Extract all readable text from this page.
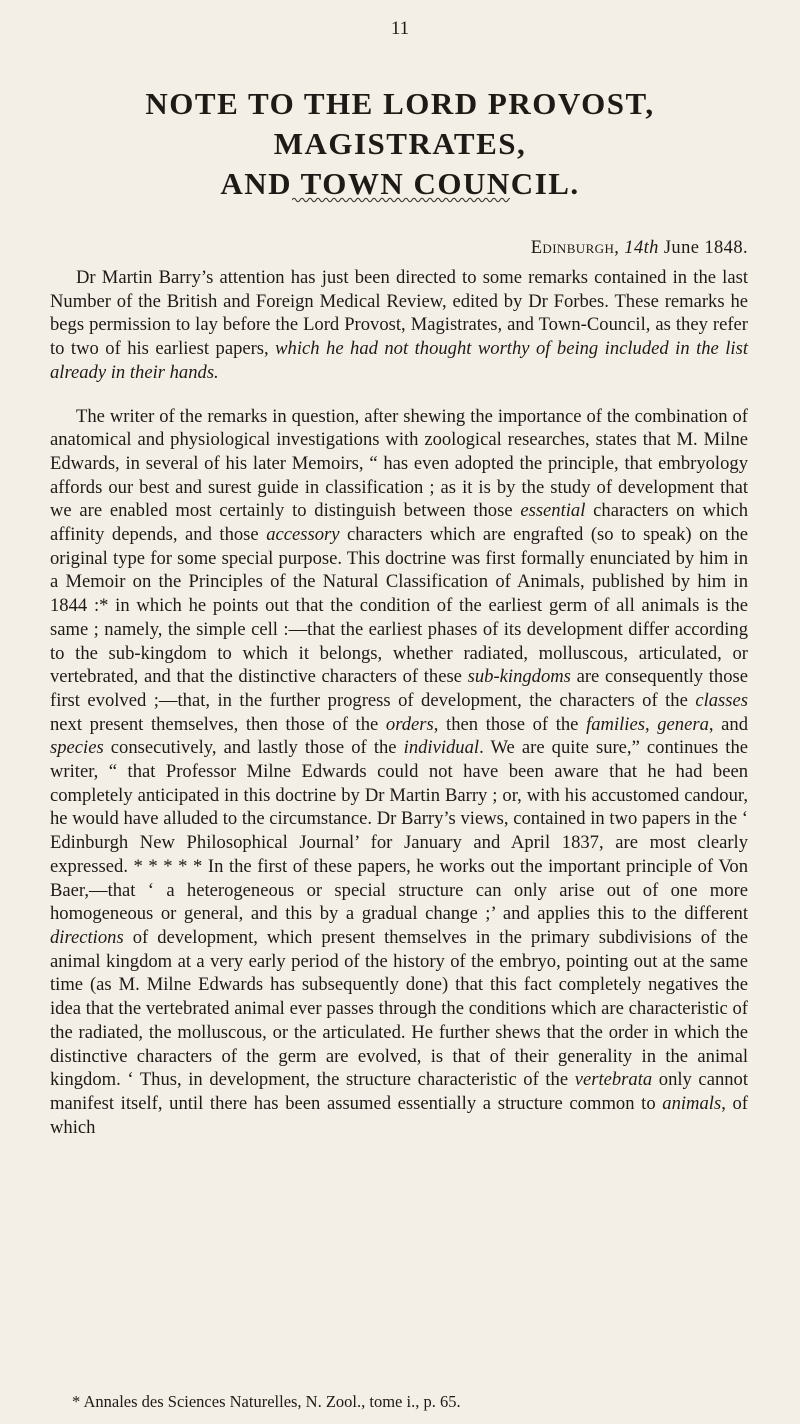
11
NOTE TO THE LORD PROVOST, MAGISTRATES,
AND TOWN COUNCIL.
Edinburgh, 14th June 1848.

Dr Martin Barry’s attention has just been directed to some remarks contained in the last Number of the British and Foreign Medical Review, edited by Dr Forbes. These remarks he begs permission to lay before the Lord Provost, Magistrates, and Town-Council, as they refer to two of his earliest papers, which he had not thought worthy of being included in the list already in their hands.

The writer of the remarks in question, after shewing the importance of the combination of anatomical and physiological investigations with zoological researches, states that M. Milne Edwards, in several of his later Memoirs, “ has even adopted the principle, that embryology affords our best and surest guide in classification ; as it is by the study of development that we are enabled most certainly to distinguish between those essential characters on which affinity depends, and those accessory characters which are engrafted (so to speak) on the original type for some special purpose. This doctrine was first formally enunciated by him in a Memoir on the Principles of the Natural Classification of Animals, published by him in 1844 :* in which he points out that the condition of the earliest germ of all animals is the same ; namely, the simple cell :—that the earliest phases of its development differ according to the sub-kingdom to which it belongs, whether radiated, molluscous, articulated, or vertebrated, and that the distinctive characters of these sub-kingdoms are consequently those first evolved ;—that, in the further progress of development, the characters of the classes next present themselves, then those of the orders, then those of the families, genera, and species consecutively, and lastly those of the individual. We are quite sure,” continues the writer, “ that Professor Milne Edwards could not have been aware that he had been completely anticipated in this doctrine by Dr Martin Barry ; or, with his accustomed candour, he would have alluded to the circumstance. Dr Barry’s views, contained in two papers in the ‘ Edinburgh New Philosophical Journal’ for January and April 1837, are most clearly expressed. * * * * * In the first of these papers, he works out the important principle of Von Baer,—that ‘ a heterogeneous or special structure can only arise out of one more homogeneous or general, and this by a gradual change ;’ and applies this to the different directions of development, which present themselves in the primary subdivisions of the animal kingdom at a very early period of the history of the embryo, pointing out at the same time (as M. Milne Edwards has subsequently done) that this fact completely negatives the idea that the vertebrated animal ever passes through the conditions which are characteristic of the radiated, the molluscous, or the articulated. He further shews that the order in which the distinctive characters of the germ are evolved, is that of their generality in the animal kingdom. ‘ Thus, in development, the structure characteristic of the vertebrata only cannot manifest itself, until there has been assumed essentially a structure common to animals, of which

* Annales des Sciences Naturelles, N. Zool., tome i., p. 65.
